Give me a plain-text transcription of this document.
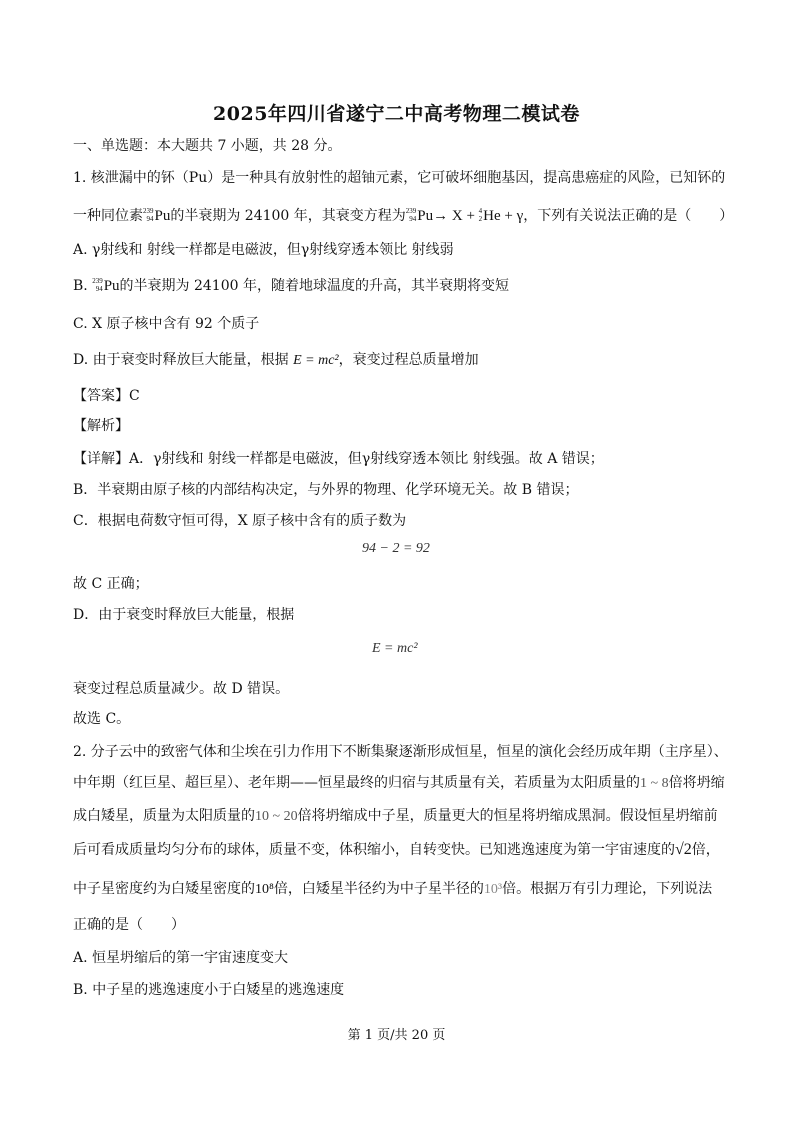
2025年四川省遂宁二中高考物理二模试卷
一、单选题：本大题共 7 小题，共 28 分。
1. 核泄漏中的钚（Pu）是一种具有放射性的超铀元素，它可破坏细胞基因，提高患癌症的风险，已知钚的
一种同位素 239
94 Pu的半衰期为 24100 年，其衰变方程为 239
94 Pu→ X + 4
2 He + γ，下列有关说法正确的是（　　）
A. γ射线和 射线一样都是电磁波，但γ射线穿透本领比 射线弱
B. 239
94 Pu的半衰期为 24100 年，随着地球温度的升高，其半衰期将变短
C. X 原子核中含有 92 个质子
D. 由于衰变时释放巨大能量，根据 E = mc²，衰变过程总质量增加
【答案】C
【解析】
【详解】A．γ射线和 射线一样都是电磁波，但γ射线穿透本领比 射线强。故 A 错误；
B．半衰期由原子核的内部结构决定，与外界的物理、化学环境无关。故 B 错误；
C．根据电荷数守恒可得，X 原子核中含有的质子数为
94 − 2 = 92
故 C 正确；
D．由于衰变时释放巨大能量，根据
E = mc²
衰变过程总质量减少。故 D 错误。
故选 C。
2. 分子云中的致密气体和尘埃在引力作用下不断集聚逐渐形成恒星，恒星的演化会经历成年期（主序星）、
中年期（红巨星、超巨星）、老年期——恒星最终的归宿与其质量有关，若质量为太阳质量的1 ~ 8倍将坍缩
成白矮星，质量为太阳质量的10 ~ 20倍将坍缩成中子星，质量更大的恒星将坍缩成黑洞。假设恒星坍缩前
后可看成质量均匀分布的球体，质量不变，体积缩小，自转变快。已知逃逸速度为第一宇宙速度的√2倍，
中子星密度约为白矮星密度的10⁸倍，白矮星半径约为中子星半径的10³倍。根据万有引力理论，下列说法
正确的是（　　）
A. 恒星坍缩后的第一宇宙速度变大
B. 中子星的逃逸速度小于白矮星的逃逸速度
第 1 页/共 20 页
